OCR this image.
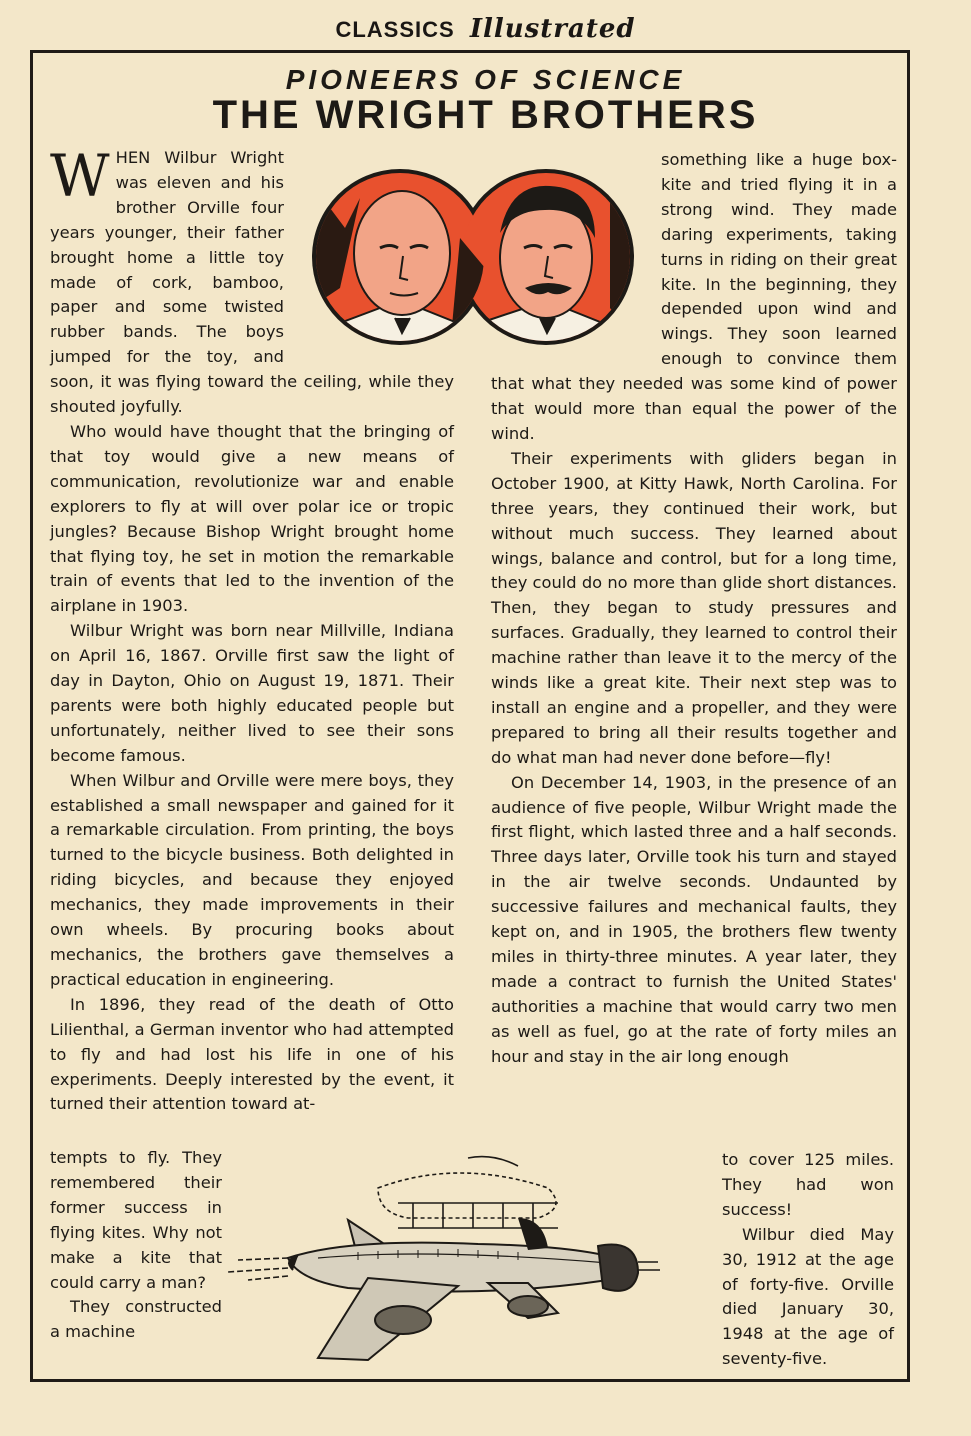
CLASSICS Illustrated
PIONEERS OF SCIENCE
THE WRIGHT BROTHERS

W HEN Wilbur Wright was eleven and his brother Orville four years younger, their father brought home a little toy made of cork, bamboo, paper and some twisted rubber bands. The boys jumped for the toy, and soon, it was flying toward the ceiling, while they shouted joyfully.

Who would have thought that the bringing of that toy would give a new means of communication, revolutionize war and enable explorers to fly at will over polar ice or tropic jungles? Because Bishop Wright brought home that flying toy, he set in motion the remarkable train of events that led to the invention of the airplane in 1903.

Wilbur Wright was born near Millville, Indiana on April 16, 1867. Orville first saw the light of day in Dayton, Ohio on August 19, 1871. Their parents were both highly educated people but unfortunately, neither lived to see their sons become famous.

When Wilbur and Orville were mere boys, they established a small newspaper and gained for it a remarkable circulation. From printing, the boys turned to the bicycle business. Both delighted in riding bicycles, and because they enjoyed mechanics, they made improvements in their own wheels. By procuring books about mechanics, the brothers gave themselves a practical education in engineering.

In 1896, they read of the death of Otto Lilienthal, a German inventor who had attempted to fly and had lost his life in one of his experiments. Deeply interested by the event, it turned their attention toward at-

tempts to fly. They remembered their former success in flying kites. Why not make a kite that could carry a man?

They constructed a machine

something like a huge box-kite and tried flying it in a strong wind. They made daring experiments, taking turns in riding on their great kite. In the beginning, they depended upon wind and wings. They soon learned enough to convince them that what they needed was some kind of power that would more than equal the power of the wind.

Their experiments with gliders began in October 1900, at Kitty Hawk, North Carolina. For three years, they continued their work, but without much success. They learned about wings, balance and control, but for a long time, they could do no more than glide short distances. Then, they began to study pressures and surfaces. Gradually, they learned to control their machine rather than leave it to the mercy of the winds like a great kite. Their next step was to install an engine and a propeller, and they were prepared to bring all their results together and do what man had never done before—fly!

On December 14, 1903, in the presence of an audience of five people, Wilbur Wright made the first flight, which lasted three and a half seconds. Three days later, Orville took his turn and stayed in the air twelve seconds. Undaunted by successive failures and mechanical faults, they kept on, and in 1905, the brothers flew twenty miles in thirty-three minutes. A year later, they made a contract to furnish the United States' authorities a machine that would carry two men as well as fuel, go at the rate of forty miles an hour and stay in the air long enough

to cover 125 miles. They had won success!

Wilbur died May 30, 1912 at the age of forty-five. Orville died January 30, 1948 at the age of seventy-five.
